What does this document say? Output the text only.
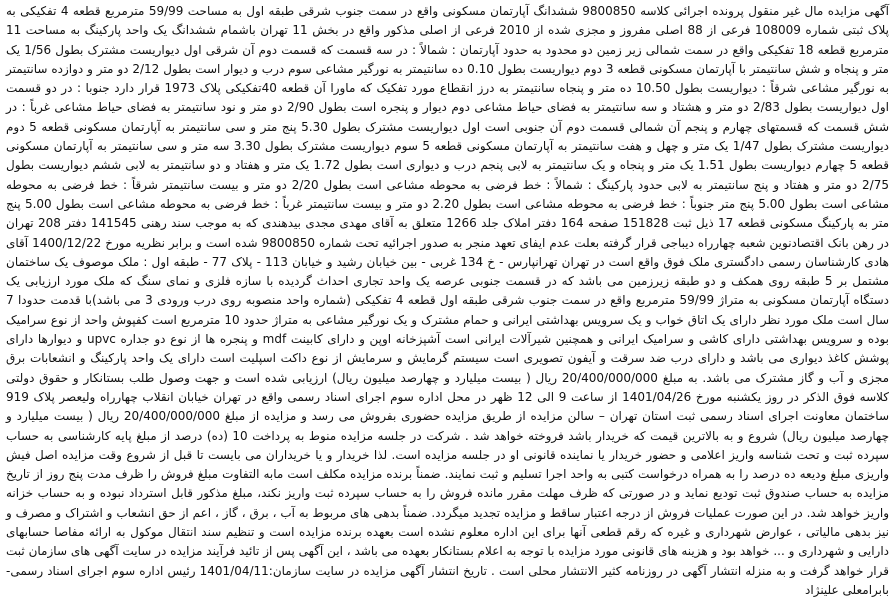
آگهی مزایده مال غیر منقول پرونده اجرائی کلاسه 9800850 ششدانگ آپارتمان مسکونی واقع در سمت جنوب شرقی طبقه اول به مساحت 59/99 مترمربع قطعه 4 تفکیکی به پلاک ثبتی شماره 108009 فرعی از 88 اصلی مفروز و مجزی شده از 2010 فرعی از اصلی مذکور واقع در بخش 11 تهران باشمام ششدانگ یک واحد پارکینگ به مساحت 11 مترمربع قطعه 18 تفکیکی واقع در سمت شمالی زیر زمین دو محدود به حدود آپارتمان : شمالاً : در سه قسمت که قسمت دوم آن شرقی اول دیواریست مشترک بطول 1/56 یک متر و پنجاه و شش سانتیمتر با آپارتمان مسکونی قطعه 3 دوم دیواریست بطول 0.10 ده سانتیمتر به نورگیر مشاعی سوم درب و دیوار است بطول 2/12 دو متر و دوازده سانتیمتر به نورگیر مشاعی شرقاً : دیواریست بطول 10.50 ده متر و پنجاه سانتیمتر به درز انقطاع مورد تفکیک که ماورا آن قطعه 40تفکیکی پلاک 1973 قرار دارد جنوبا : در دو قسمت اول دیواریست بطول 2/83 دو متر و هشتاد و سه سانتیمتر به فضای حیاط مشاعی دوم دیوار و پنجره است بطول 2/90 دو متر و نود سانتیمتر به فضای حیاط مشاعی غرباً : در شش قسمت که قسمتهای چهارم و پنجم آن شمالی قسمت دوم آن جنوبی است اول دیواریست مشترک بطول 5.30 پنج متر و سی سانتیمتر به آپارتمان مسکونی قطعه 5 دوم دیواریست مشترک بطول 1/47 یک متر و چهل و هفت سانتیمتر به آپارتمان مسکونی قطعه 5 سوم دیواریست مشترک بطول 3.30 سه متر و سی سانتیمتر به آپارتمان مسکونی قطعه 5 چهارم دیواریست بطول 1.51 یک متر و پنجاه و یک سانتیمتر به لابی پنجم درب و دیواری است بطول 1.72 یک متر و هفتاد و دو سانتیمتر به لابی ششم دیواریست بطول 2/75 دو متر و هفتاد و پنج سانتیمتر به لابی حدود پارکینگ : شمالاً : خط فرضی به محوطه مشاعی است بطول 2/20 دو متر و بیست سانتیمتر شرقاً : خط فرضی به محوطه مشاعی است بطول 5.00 پنج متر جنوباً : خط فرضی به محوطه مشاعی است بطول 2.20 دو متر و بیست سانتیمتر غرباً : خط فرضی به محوطه مشاعی است بطول 5.00 پنج متر به پارکینگ مسکونی قطعه 17 ذیل ثبت 151828 صفحه 164 دفتر املاک جلد 1266 متعلق به آقای مهدی مجدی بیدهندی که به موجب سند رهنی 141545 دفتر 208 تهران در رهن بانک اقتصادنوین شعبه چهارراه دیباجی قرار گرفته بعلت عدم ایفای تعهد منجر به صدور اجرائیه تحت شماره 9800850 شده است و برابر نظریه مورخ 1400/12/22 آقای هادی کارشناسان رسمی دادگستری ملک فوق واقع است در تهران تهرانپارس - خ 134 غربی - بین خیابان رشید و خیابان 113 - پلاک 77 - طبقه اول : ملک موصوف یک ساختمان مشتمل بر 5 طبقه روی همکف و دو طبقه زیرزمین می باشد که در قسمت جنوبی عرصه یک واحد تجاری احداث گردیده با سازه فلزی و نمای سنگ که ملک مورد ارزیابی یک دستگاه آپارتمان مسکونی به متراژ 59/99 مترمربع واقع در سمت جنوب شرقی طبقه اول قطعه 4 تفکیکی (شماره واحد منصوبه روی درب ورودی 3 می باشد)با قدمت حدودا 7 سال است ملک مورد نظر دارای یک اتاق خواب و یک سرویس بهداشتی ایرانی و حمام مشترک و یک نورگیر مشاعی به متراژ حدود 10 مترمربع است کفپوش واحد از نوع سرامیک بوده و سرویس بهداشتی دارای کاشی و سرامیک ایرانی و همچنین شیرآلات ایرانی است آشپزخانه اوپن و دارای کابینت mdf و پنجره ها از نوع دو جداره upvc و دیوارها دارای پوشش کاغذ دیواری می باشد و دارای درب ضد سرقت و آیفون تصویری است سیستم گرمایش و سرمایش از نوع داکت اسپلیت است دارای یک واحد پارکینگ و انشعابات برق مجزی و آب و گاز مشترک می باشد. به مبلغ 20/400/000/000 ریال ( بیست میلیارد و چهارصد میلیون ریال) ارزیابی شده است و جهت وصول طلب بستانکار و حقوق دولتی کلاسه فوق الذکر در روز یکشنبه مورخ 1401/04/26 از ساعت 9 الی 12 ظهر در محل اداره سوم اجرای اسناد رسمی واقع در تهران خیابان انقلاب چهارراه ولیعصر پلاک 919 ساختمان معاونت اجرای اسناد رسمی ثبت استان تهران – سالن مزایده از طریق مزایده حضوری بفروش می رسد و مزایده از مبلغ 20/400/000/000 ریال ( بیست میلیارد و چهارصد میلیون ریال) شروع و به بالاترین قیمت که خریدار باشد فروخته خواهد شد . شرکت در جلسه مزایده منوط به پرداخت 10 (ده) درصد از مبلغ پایه کارشناسی به حساب سپرده ثبت و تحت شناسه واریز اعلامی و حضور خریدار یا نماینده قانونی او در جلسه مزایده است. لذا خریدار و یا خریداران می بایست تا قبل از شروع وقت مزایده اصل فیش واریزی مبلغ ودیعه ده درصد را به همراه درخواست کتبی به واحد اجرا تسلیم و ثبت نمایند. ضمناً برنده مزایده مکلف است مابه التفاوت مبلغ فروش را ظرف مدت پنج روز از تاریخ مزایده به حساب صندوق ثبت تودیع نماید و در صورتی که ظرف مهلت مقرر مانده فروش را به حساب سپرده ثبت واریز نکند، مبلغ مذکور قابل استرداد نبوده و به حساب خزانه واریز خواهد شد. در این صورت عملیات فروش از درجه اعتبار ساقط و مزایده تجدید میگردد. ضمناً بدهی های مربوط به آب ، برق ، گاز ، اعم از حق انشعاب و اشتراک و مصرف و نیز بدهی مالیاتی ، عوارض شهرداری و غیره که رقم قطعی آنها برای این اداره معلوم نشده است بعهده برنده مزایده است و تنظیم سند انتقال موکول به ارائه مفاصا حسابهای دارایی و شهرداری و ... خواهد بود و هزینه های قانونی مورد مزایده با توجه به اعلام بستانکار بعهده می باشد ، این آگهی پس از تائید فرآیند مزایده در سایت آگهی های سازمان ثبت قرار خواهد گرفت و به منزله انتشار آگهی در روزنامه کثیر الانتشار محلی است . تاریخ انتشار آگهی مزایده در سایت سازمان:1401/04/11 رئیس اداره سوم اجرای اسناد رسمی- بابرامعلی علینژاد
